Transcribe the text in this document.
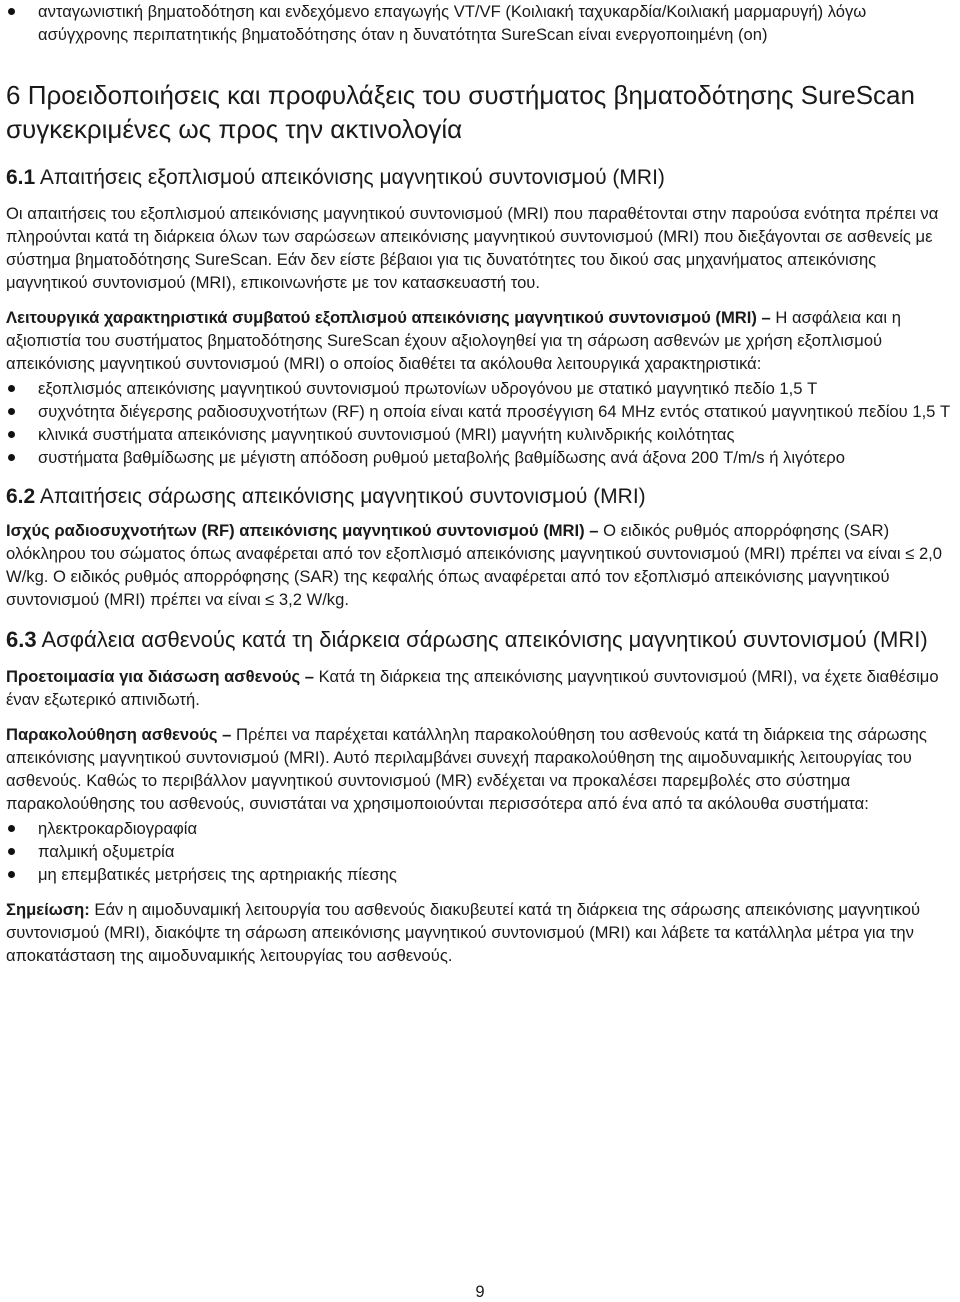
ανταγωνιστική βηματοδότηση και ενδεχόμενο επαγωγής VT/VF (Κοιλιακή ταχυκαρδία/Κοιλιακή μαρμαρυγή) λόγω ασύγχρονης περιπατητικής βηματοδότησης όταν η δυνατότητα SureScan είναι ενεργοποιημένη (on)
6 Προειδοποιήσεις και προφυλάξεις του συστήματος βηματοδότησης SureScan συγκεκριμένες ως προς την ακτινολογία
6.1 Απαιτήσεις εξοπλισμού απεικόνισης μαγνητικού συντονισμού (MRI)

Οι απαιτήσεις του εξοπλισμού απεικόνισης μαγνητικού συντονισμού (MRI) που παραθέτονται στην παρούσα ενότητα πρέπει να πληρούνται κατά τη διάρκεια όλων των σαρώσεων απεικόνισης μαγνητικού συντονισμού (MRI) που διεξάγονται σε ασθενείς με σύστημα βηματοδότησης SureScan. Εάν δεν είστε βέβαιοι για τις δυνατότητες του δικού σας μηχανήματος απεικόνισης μαγνητικού συντονισμού (MRI), επικοινωνήστε με τον κατασκευαστή του.

Λειτουργικά χαρακτηριστικά συμβατού εξοπλισμού απεικόνισης μαγνητικού συντονισμού (MRI) – Η ασφάλεια και η αξιοπιστία του συστήματος βηματοδότησης SureScan έχουν αξιολογηθεί για τη σάρωση ασθενών με χρήση εξοπλισμού απεικόνισης μαγνητικού συντονισμού (MRI) ο οποίος διαθέτει τα ακόλουθα λειτουργικά χαρακτηριστικά:

εξοπλισμός απεικόνισης μαγνητικού συντονισμού πρωτονίων υδρογόνου με στατικό μαγνητικό πεδίο 1,5 T
συχνότητα διέγερσης ραδιοσυχνοτήτων (RF) η οποία είναι κατά προσέγγιση 64 MHz εντός στατικού μαγνητικού πεδίου 1,5 T
κλινικά συστήματα απεικόνισης μαγνητικού συντονισμού (MRI) μαγνήτη κυλινδρικής κοιλότητας
συστήματα βαθμίδωσης με μέγιστη απόδοση ρυθμού μεταβολής βαθμίδωσης ανά άξονα 200 T/m/s ή λιγότερο
6.2 Απαιτήσεις σάρωσης απεικόνισης μαγνητικού συντονισμού (MRI)

Ισχύς ραδιοσυχνοτήτων (RF) απεικόνισης μαγνητικού συντονισμού (MRI) – Ο ειδικός ρυθμός απορρόφησης (SAR) ολόκληρου του σώματος όπως αναφέρεται από τον εξοπλισμό απεικόνισης μαγνητικού συντονισμού (MRI) πρέπει να είναι ≤ 2,0 W/kg. Ο ειδικός ρυθμός απορρόφησης (SAR) της κεφαλής όπως αναφέρεται από τον εξοπλισμό απεικόνισης μαγνητικού συντονισμού (MRI) πρέπει να είναι ≤ 3,2 W/kg.

6.3 Ασφάλεια ασθενούς κατά τη διάρκεια σάρωσης απεικόνισης μαγνητικού συντονισμού (MRI)

Προετοιμασία για διάσωση ασθενούς – Κατά τη διάρκεια της απεικόνισης μαγνητικού συντονισμού (MRI), να έχετε διαθέσιμο έναν εξωτερικό απινιδωτή.

Παρακολούθηση ασθενούς – Πρέπει να παρέχεται κατάλληλη παρακολούθηση του ασθενούς κατά τη διάρκεια της σάρωσης απεικόνισης μαγνητικού συντονισμού (MRI). Αυτό περιλαμβάνει συνεχή παρακολούθηση της αιμοδυναμικής λειτουργίας του ασθενούς. Καθώς το περιβάλλον μαγνητικού συντονισμού (MR) ενδέχεται να προκαλέσει παρεμβολές στο σύστημα παρακολούθησης του ασθενούς, συνιστάται να χρησιμοποιούνται περισσότερα από ένα από τα ακόλουθα συστήματα:

ηλεκτροκαρδιογραφία
παλμική οξυμετρία
μη επεμβατικές μετρήσεις της αρτηριακής πίεσης

Σημείωση: Εάν η αιμοδυναμική λειτουργία του ασθενούς διακυβευτεί κατά τη διάρκεια της σάρωσης απεικόνισης μαγνητικού συντονισμού (MRI), διακόψτε τη σάρωση απεικόνισης μαγνητικού συντονισμού (MRI) και λάβετε τα κατάλληλα μέτρα για την αποκατάσταση της αιμοδυναμικής λειτουργίας του ασθενούς.

9
